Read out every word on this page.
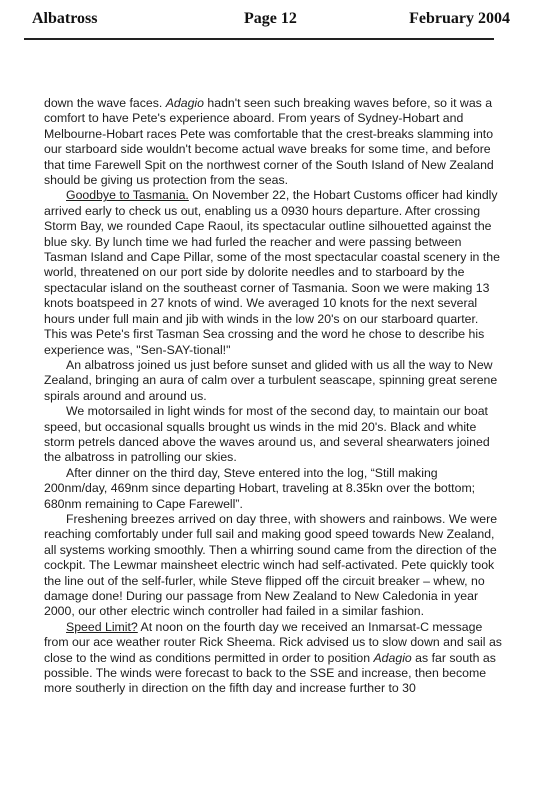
Albatross	Page 12	February 2004

down the wave faces. Adagio hadn't seen such breaking waves before, so it was a comfort to have Pete's experience aboard. From years of Sydney-Hobart and Melbourne-Hobart races Pete was comfortable that the crest-breaks slamming into our starboard side wouldn't become actual wave breaks for some time, and before that time Farewell Spit on the northwest corner of the South Island of New Zealand should be giving us protection from the seas.

Goodbye to Tasmania. On November 22, the Hobart Customs officer had kindly arrived early to check us out, enabling us a 0930 hours departure. After crossing Storm Bay, we rounded Cape Raoul, its spectacular outline silhouetted against the blue sky. By lunch time we had furled the reacher and were passing between Tasman Island and Cape Pillar, some of the most spectacular coastal scenery in the world, threatened on our port side by dolorite needles and to starboard by the spectacular island on the southeast corner of Tasmania. Soon we were making 13 knots boatspeed in 27 knots of wind. We averaged 10 knots for the next several hours under full main and jib with winds in the low 20's on our starboard quarter. This was Pete's first Tasman Sea crossing and the word he chose to describe his experience was, "Sen-SAY-tional!"

An albatross joined us just before sunset and glided with us all the way to New Zealand, bringing an aura of calm over a turbulent seascape, spinning great serene spirals around and around us.

We motorsailed in light winds for most of the second day, to maintain our boat speed, but occasional squalls brought us winds in the mid 20's. Black and white storm petrels danced above the waves around us, and several shearwaters joined the albatross in patrolling our skies.

After dinner on the third day, Steve entered into the log, “Still making 200nm/day, 469nm since departing Hobart, traveling at 8.35kn over the bottom; 680nm remaining to Cape Farewell”.

Freshening breezes arrived on day three, with showers and rainbows. We were reaching comfortably under full sail and making good speed towards New Zealand, all systems working smoothly. Then a whirring sound came from the direction of the cockpit. The Lewmar mainsheet electric winch had self-activated. Pete quickly took the line out of the self-furler, while Steve flipped off the circuit breaker – whew, no damage done! During our passage from New Zealand to New Caledonia in year 2000, our other electric winch controller had failed in a similar fashion.

Speed Limit? At noon on the fourth day we received an Inmarsat-C message from our ace weather router Rick Sheema. Rick advised us to slow down and sail as close to the wind as conditions permitted in order to position Adagio as far south as possible. The winds were forecast to back to the SSE and increase, then become more southerly in direction on the fifth day and increase further to 30
